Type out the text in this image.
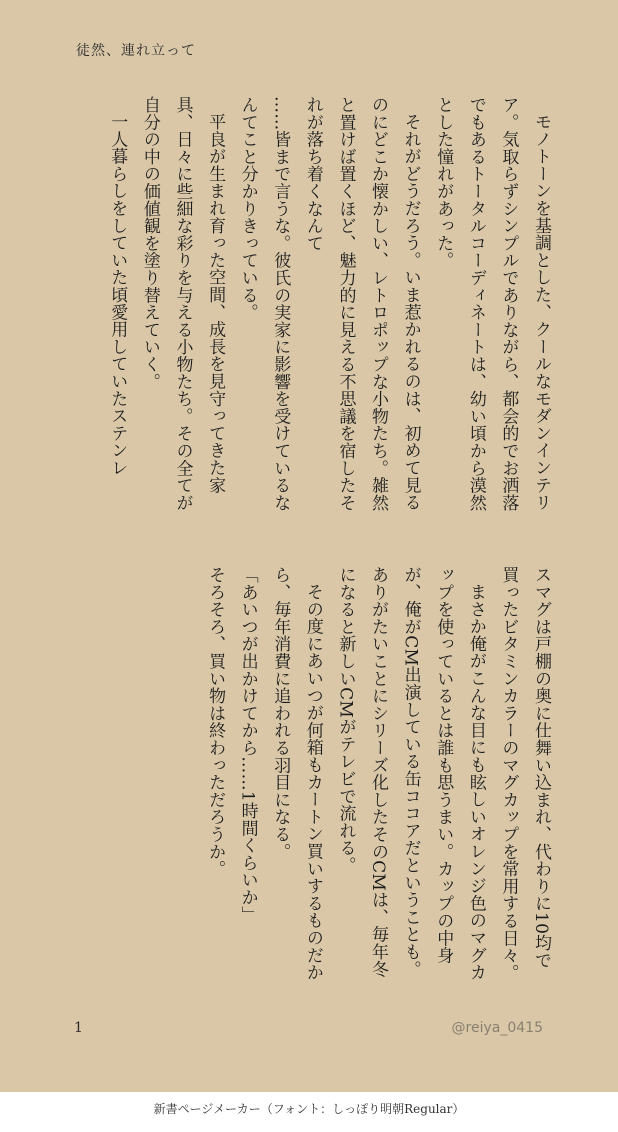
徒然、連れ立って

モノトーンを基調とした、クールなモダンインテリア。気取らずシンプルでありながら、都会的でお洒落でもあるトータルコーディネートは、幼い頃から漠然とした憧れがあった。

それがどうだろう。いま惹かれるのは、初めて見るのにどこか懐かしい、レトロポップな小物たち。雑然と置けば置くほど、魅力的に見える不思議を宿したそれが落ち着くなんて

……皆まで言うな。彼氏の実家に影響を受けているなんてこと分かりきっている。

平良が生まれ育った空間、成長を見守ってきた家具、日々に些細な彩りを与える小物たち。その全てが自分の中の価値観を塗り替えていく。

一人暮らしをしていた頃愛用していたステンレ

スマグは戸棚の奥に仕舞い込まれ、代わりに10均で買ったビタミンカラーのマグカップを常用する日々。

まさか俺がこんな目にも眩しいオレンジ色のマグカップを使っているとは誰も思うまい。カップの中身が、俺がCM出演している缶ココアだということも。ありがたいことにシリーズ化したそのCMは、毎年冬になると新しいCMがテレビで流れる。

その度にあいつが何箱もカートン買いするものだから、毎年消費に追われる羽目になる。

「あいつが出かけてから……1時間くらいか」

そろそろ、買い物は終わっただろうか。

1	@reiya_0415
新書ページメーカー（フォント：しっぽり明朝Regular）
